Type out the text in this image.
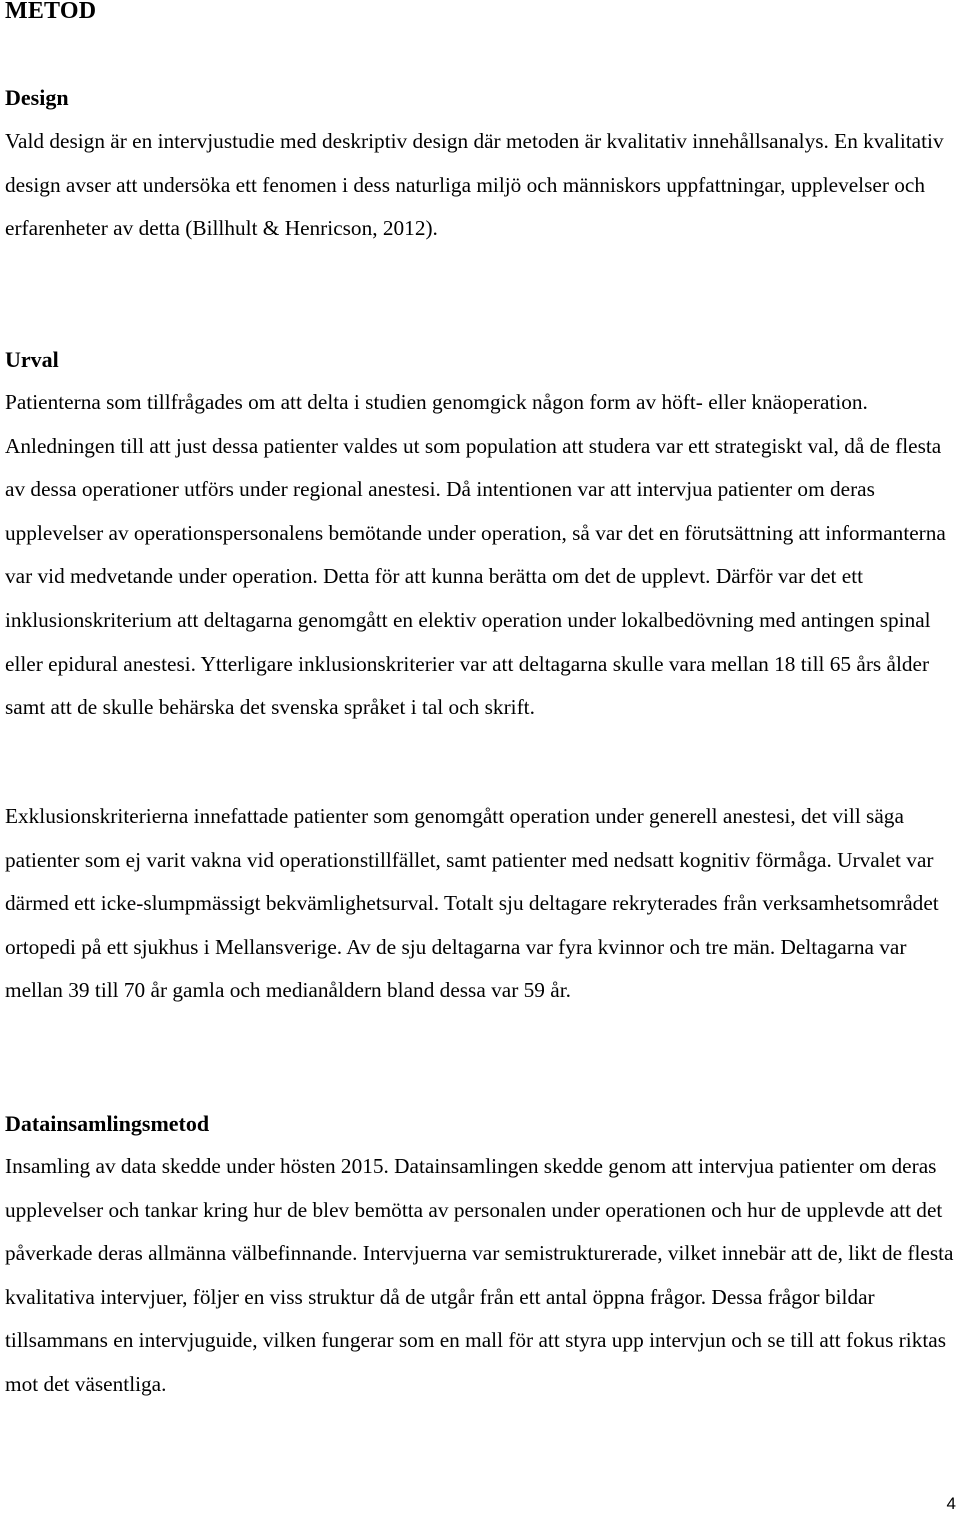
METOD
Design

Vald design är en intervjustudie med deskriptiv design där metoden är kvalitativ innehållsanalys. En kvalitativ design avser att undersöka ett fenomen i dess naturliga miljö och människors uppfattningar, upplevelser och erfarenheter av detta (Billhult & Henricson, 2012).

Urval

Patienterna som tillfrågades om att delta i studien genomgick någon form av höft- eller knäoperation. Anledningen till att just dessa patienter valdes ut som population att studera var ett strategiskt val, då de flesta av dessa operationer utförs under regional anestesi. Då intentionen var att intervjua patienter om deras upplevelser av operationspersonalens bemötande under operation, så var det en förutsättning att informanterna var vid medvetande under operation. Detta för att kunna berätta om det de upplevt. Därför var det ett inklusionskriterium att deltagarna genomgått en elektiv operation under lokalbedövning med antingen spinal eller epidural anestesi. Ytterligare inklusionskriterier var att deltagarna skulle vara mellan 18 till 65 års ålder samt att de skulle behärska det svenska språket i tal och skrift.

Exklusionskriterierna innefattade patienter som genomgått operation under generell anestesi, det vill säga patienter som ej varit vakna vid operationstillfället, samt patienter med nedsatt kognitiv förmåga. Urvalet var därmed ett icke-slumpmässigt bekvämlighetsurval. Totalt sju deltagare rekryterades från verksamhetsområdet ortopedi på ett sjukhus i Mellansverige. Av de sju deltagarna var fyra kvinnor och tre män. Deltagarna var mellan 39 till 70 år gamla och medianåldern bland dessa var 59 år.

Datainsamlingsmetod

Insamling av data skedde under hösten 2015. Datainsamlingen skedde genom att intervjua patienter om deras upplevelser och tankar kring hur de blev bemötta av personalen under operationen och hur de upplevde att det påverkade deras allmänna välbefinnande. Intervjuerna var semistrukturerade, vilket innebär att de, likt de flesta kvalitativa intervjuer, följer en viss struktur då de utgår från ett antal öppna frågor. Dessa frågor bildar tillsammans en intervjuguide, vilken fungerar som en mall för att styra upp intervjun och se till att fokus riktas mot det väsentliga.

4
